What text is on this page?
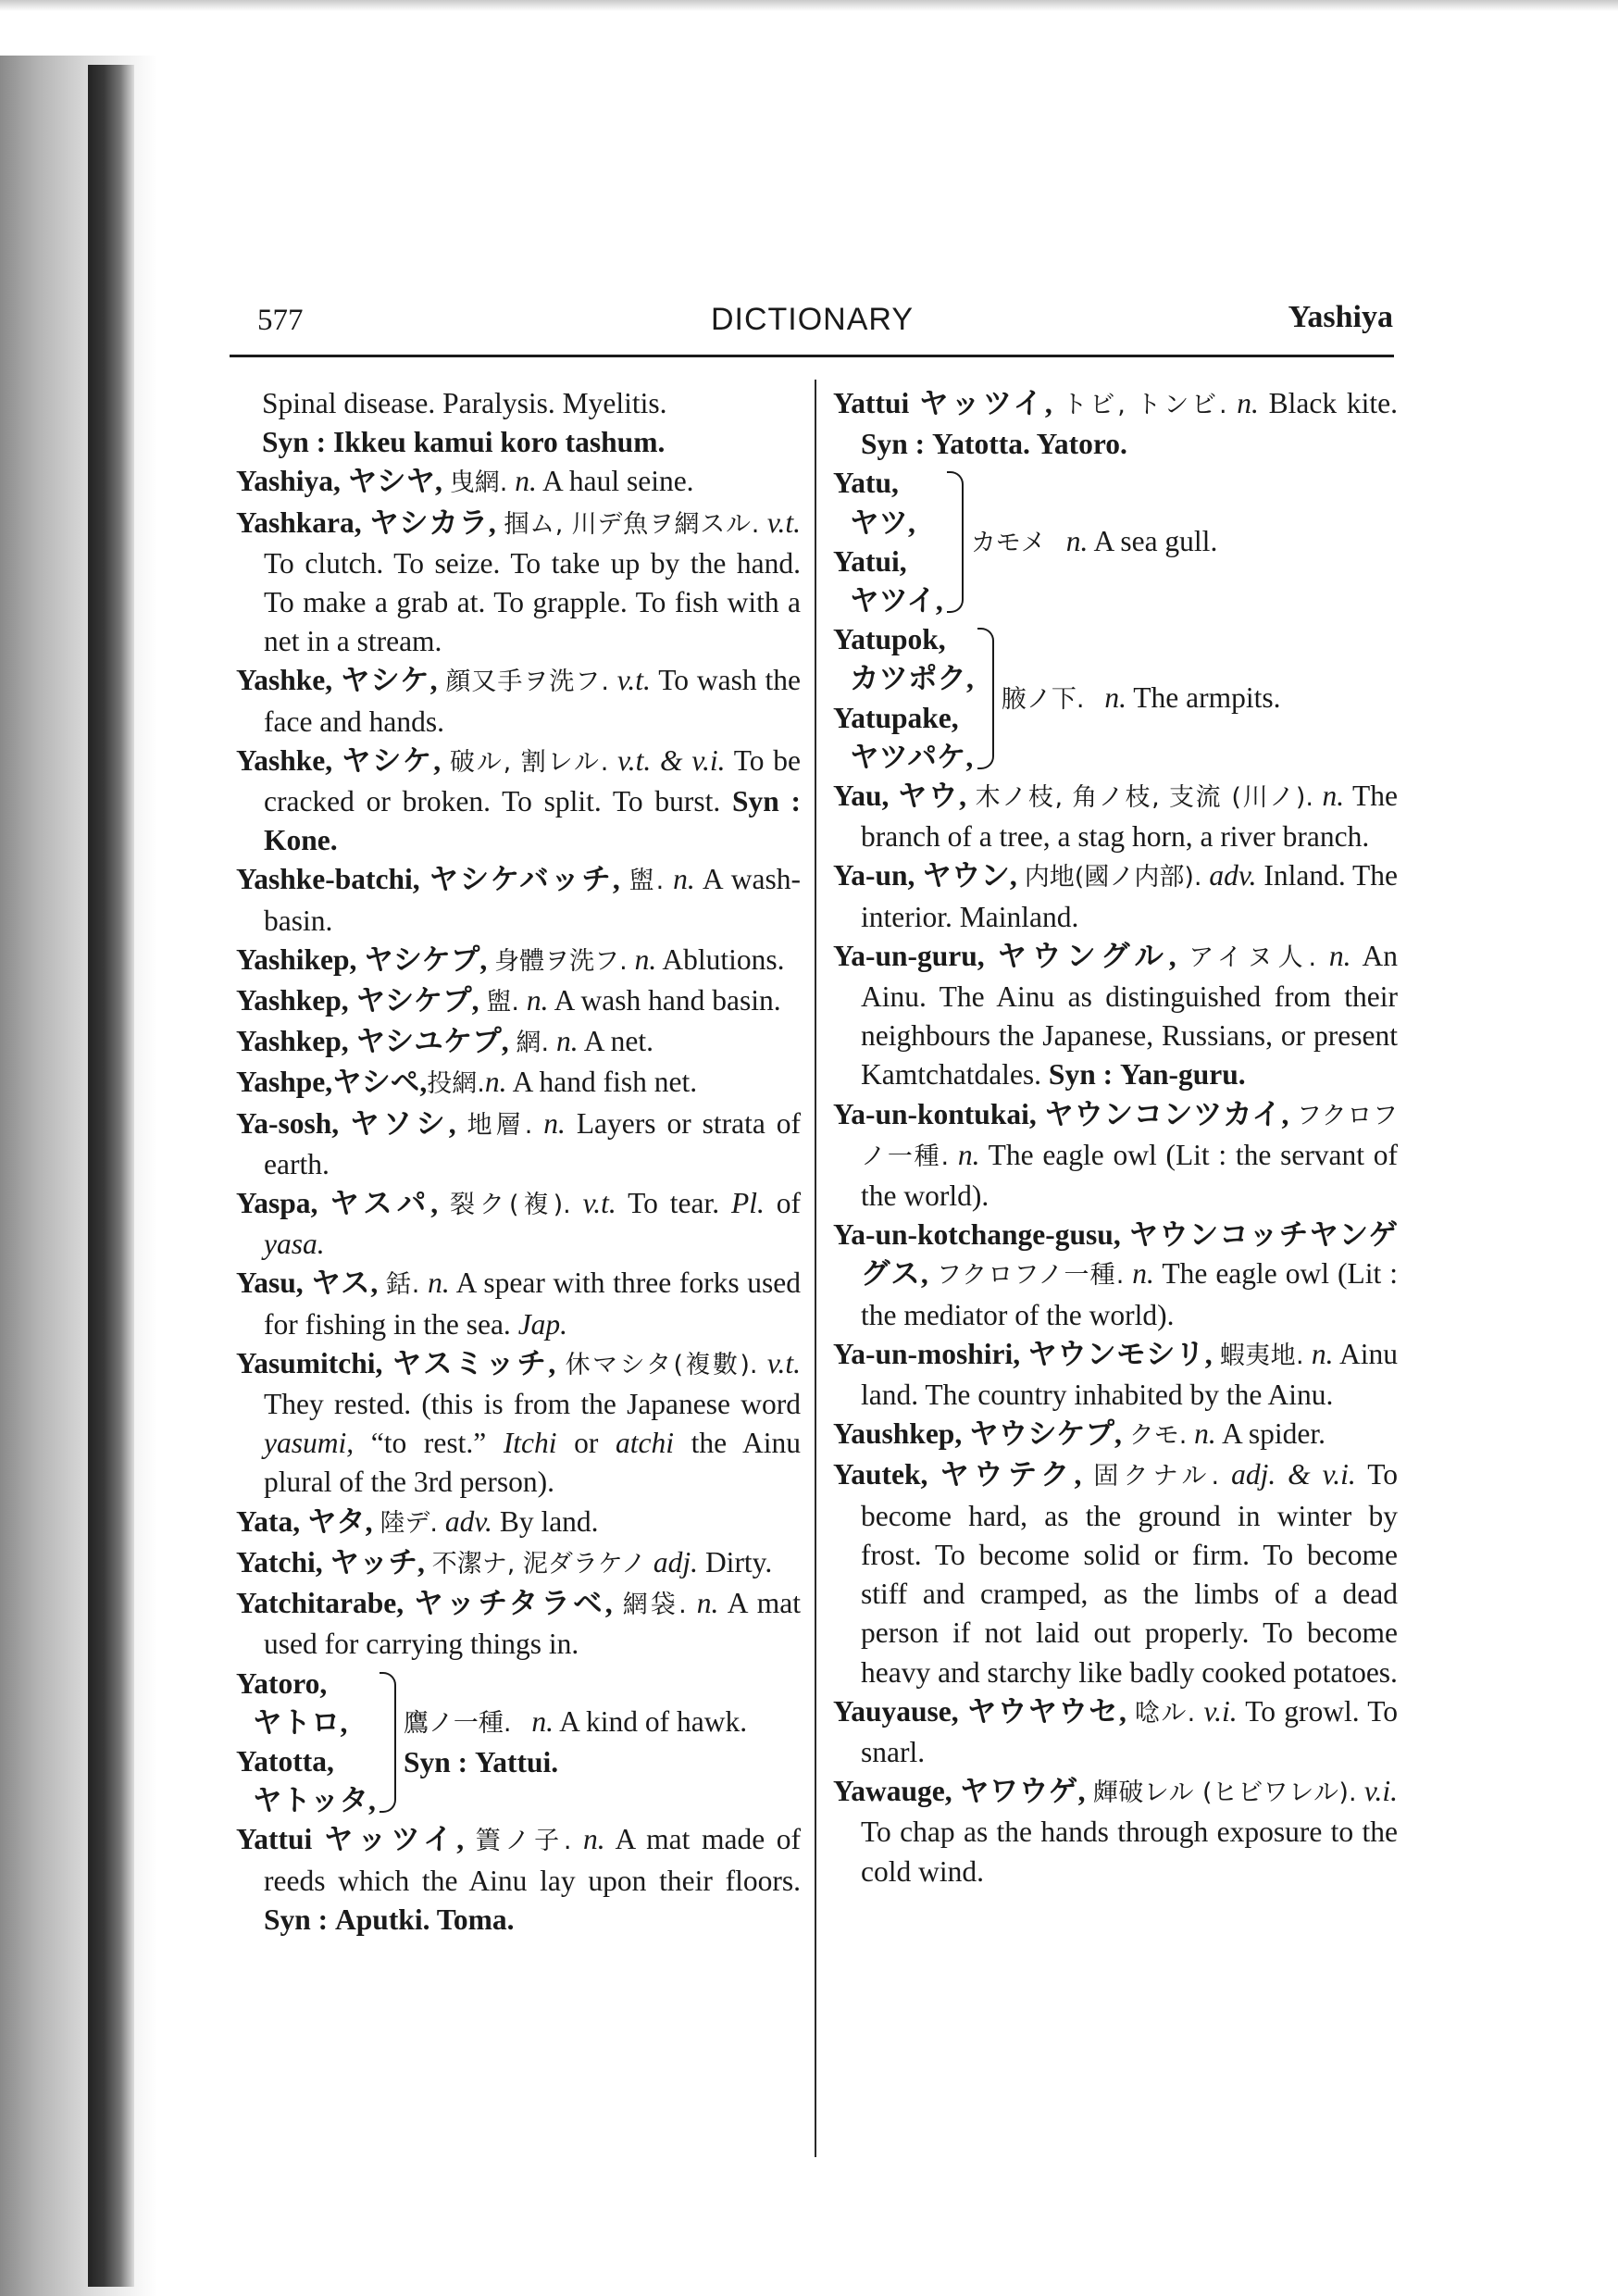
577	DICTIONARY	Yashiya

Spinal disease. Paralysis. Myelitis.

Syn : Ikkeu kamui koro tashum.

Yashiya, ヤシヤ, 曳網. n. A haul seine.

Yashkara, ヤシカラ, 掴ム, 川デ魚ヲ網スル. v.t. To clutch. To seize. To take up by the hand. To make a grab at. To grapple. To fish with a net in a stream.

Yashke, ヤシケ, 顔又手ヲ洗フ. v.t. To wash the face and hands.

Yashke, ヤシケ, 破ル, 割レル. v.t. & v.i. To be cracked or broken. To split. To burst. Syn : Kone.

Yashke-batchi, ヤシケバッチ, 盥. n. A wash-basin.

Yashikep, ヤシケプ, 身體ヲ洗フ. n. Ablutions.

Yashkep, ヤシケプ, 盥. n. A wash hand basin.

Yashkep, ヤシユケプ, 網. n. A net.

Yashpe,ヤシペ,投網.n. A hand fish net.

Ya-sosh, ヤソシ, 地層. n. Layers or strata of earth.

Yaspa, ヤスパ, 裂ク(複). v.t. To tear. Pl. of yasa.

Yasu, ヤス, 銛. n. A spear with three forks used for fishing in the sea. Jap.

Yasumitchi, ヤスミッチ, 休マシタ(複數). v.t. They rested. (this is from the Japanese word yasumi, “to rest.” Itchi or atchi the Ainu plural of the 3rd person).

Yata, ヤタ, 陸デ. adv. By land.

Yatchi, ヤッチ, 不潔ナ, 泥ダラケノ adj. Dirty.

Yatchitarabe, ヤッチタラベ, 網袋. n. A mat used for carrying things in.

Yatoro,
ヤトロ,
Yatotta,
ヤトッタ,
鷹ノ一種. n. A kind of hawk. Syn : Yattui.

Yattui ヤッツイ, 簀ノ子. n. A mat made of reeds which the Ainu lay upon their floors. Syn : Aputki. Toma.

Yattui ヤッツイ, トビ, トンビ. n. Black kite. Syn : Yatotta. Yatoro.

Yatu,
ヤツ,
Yatui,
ヤツイ,
カモメ n. A sea gull.
Yatupok,
カツポク,
Yatupake,
ヤツパケ,
腋ノ下. n. The armpits.

Yau, ヤウ, 木ノ枝, 角ノ枝, 支流 (川ノ). n. The branch of a tree, a stag horn, a river branch.

Ya-un, ヤウン, 内地(國ノ内部). adv. Inland. The interior. Mainland.

Ya-un-guru, ヤウングル, アイヌ人. n. An Ainu. The Ainu as distinguished from their neighbours the Japanese, Russians, or present Kamtchatdales. Syn : Yan-guru.

Ya-un-kontukai, ヤウンコンツカイ, フクロフノ一種. n. The eagle owl (Lit : the servant of the world).

Ya-un-kotchange-gusu, ヤウンコッチヤンゲグス, フクロフノ一種. n. The eagle owl (Lit : the mediator of the world).

Ya-un-moshiri, ヤウンモシリ, 蝦夷地. n. Ainu land. The country inhabited by the Ainu.

Yaushkep, ヤウシケプ, クモ. n. A spider.

Yautek, ヤウテク, 固クナル. adj. & v.i. To become hard, as the ground in winter by frost. To become solid or firm. To become stiff and cramped, as the limbs of a dead person if not laid out properly. To become heavy and starchy like badly cooked potatoes.

Yauyause, ヤウヤウセ, 唸ル. v.i. To growl. To snarl.

Yawauge, ヤワウゲ, 皹破レル (ヒビワレル). v.i. To chap as the hands through exposure to the cold wind.
